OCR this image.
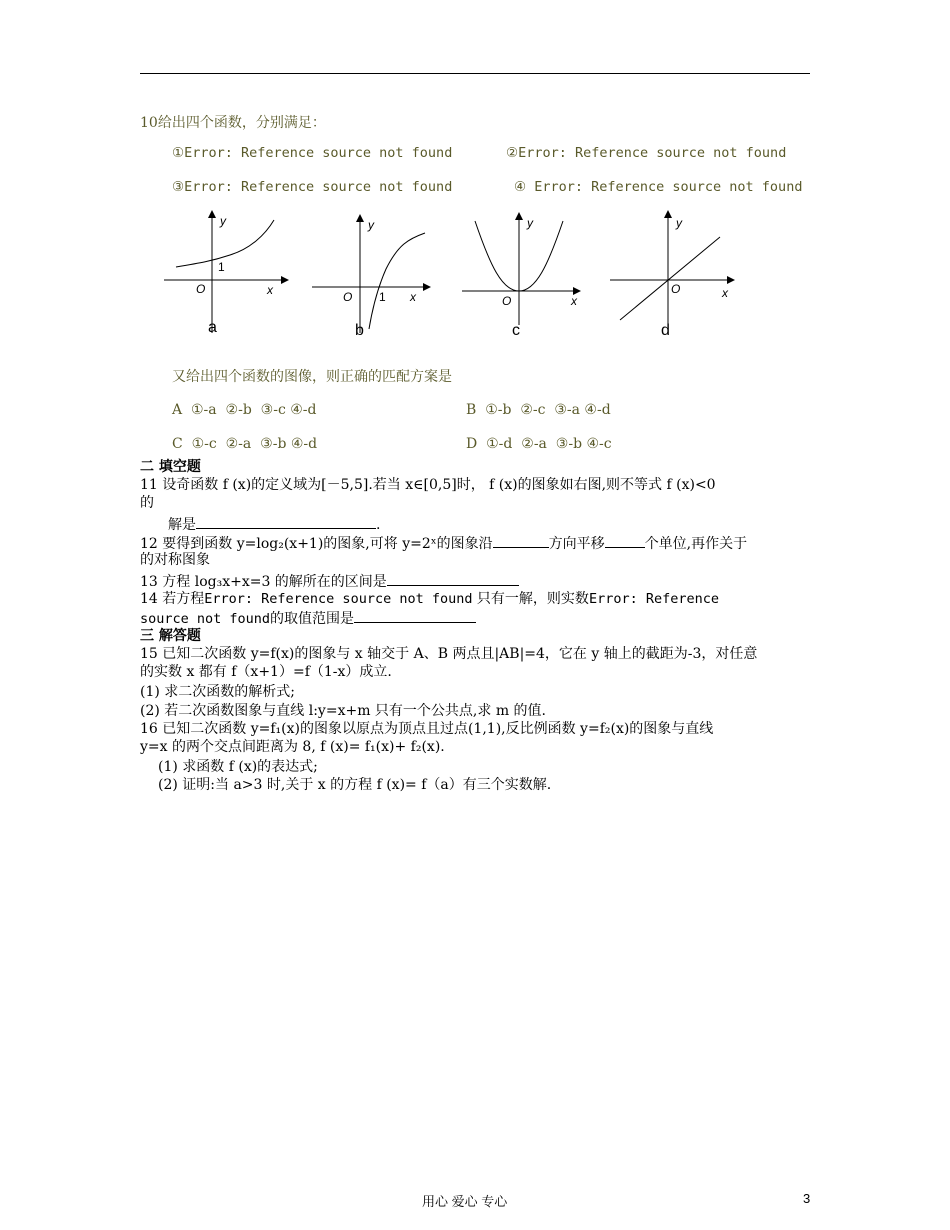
10给出四个函数，分别满足：
①Error: Reference source not found	②Error: Reference source not found
③Error: Reference source not found	④ Error: Reference source not found
y
1
O	x
a
y
O 1 x
b
y
O	x
c
y
O	x
d
又给出四个函数的图像，则正确的匹配方案是
A  ①-a  ②-b  ③-c ④-d	B  ①-b  ②-c  ③-a ④-d
C  ①-c  ②-a  ③-b ④-d	D  ①-d  ②-a  ③-b ④-c
二 填空题
11 设奇函数 f (x)的定义域为[－5,5].若当 x∈[0,5]时， f (x)的图象如右图,则不等式 f (x)<0
的
解是	.
12 要得到函数 y=log₂(x+1)的图象,可将 y=2ˣ的图象沿	方向平移	个单位,再作关于
的对称图象
13 方程 log₃x+x=3 的解所在的区间是
14 若方程Error: Reference source not found 只有一解，则实数Error: Reference
source not found的取值范围是
三 解答题
15 已知二次函数 y=f(x)的图象与 x 轴交于 A、B 两点且|AB|=4，它在 y 轴上的截距为-3，对任意
的实数 x 都有 f（x+1）=f（1-x）成立.
(1) 求二次函数的解析式;
(2) 若二次函数图象与直线 l:y=x+m 只有一个公共点,求 m 的值.
16 已知二次函数 y=f₁(x)的图象以原点为顶点且过点(1,1),反比例函数 y=f₂(x)的图象与直线
y=x 的两个交点间距离为 8, f (x)= f₁(x)+ f₂(x).
(1) 求函数 f (x)的表达式;
(2) 证明:当 a>3 时,关于 x 的方程 f (x)= f（a）有三个实数解.
用心 爱心 专心	3
